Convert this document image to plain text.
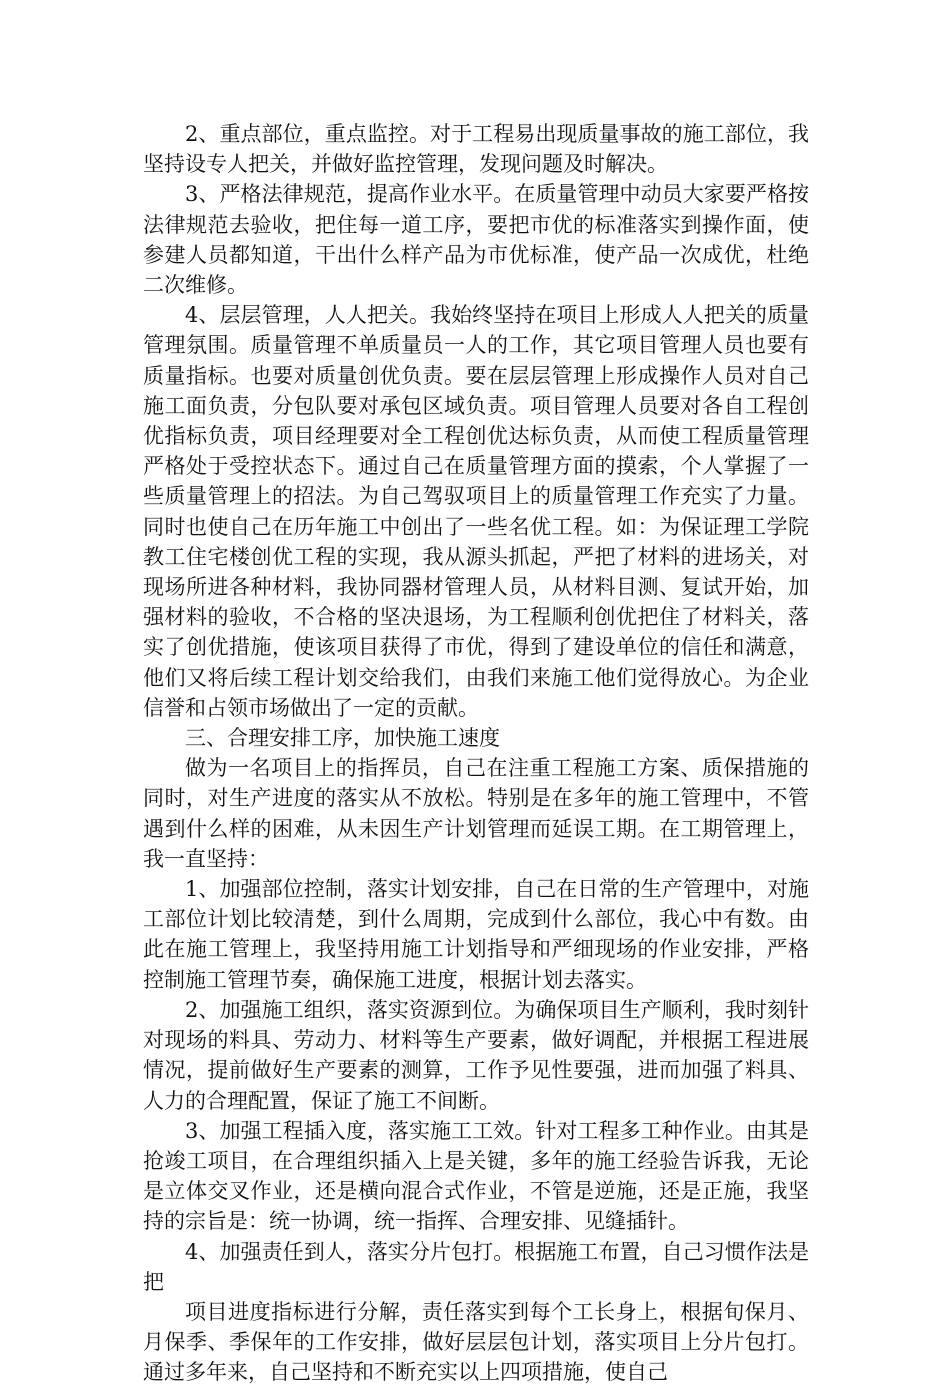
2、重点部位，重点监控。对于工程易出现质量事故的施工部位，我坚持设专人把关，并做好监控管理，发现问题及时解决。

3、严格法律规范，提高作业水平。在质量管理中动员大家要严格按法律规范去验收，把住每一道工序，要把市优的标准落实到操作面，使参建人员都知道，干出什么样产品为市优标准，使产品一次成优，杜绝二次维修。

4、层层管理，人人把关。我始终坚持在项目上形成人人把关的质量管理氛围。质量管理不单质量员一人的工作，其它项目管理人员也要有质量指标。也要对质量创优负责。要在层层管理上形成操作人员对自己施工面负责，分包队要对承包区域负责。项目管理人员要对各自工程创优指标负责，项目经理要对全工程创优达标负责，从而使工程质量管理严格处于受控状态下。通过自己在质量管理方面的摸索，个人掌握了一些质量管理上的招法。为自己驾驭项目上的质量管理工作充实了力量。同时也使自己在历年施工中创出了一些名优工程。如：为保证理工学院教工住宅楼创优工程的实现，我从源头抓起，严把了材料的进场关，对现场所进各种材料，我协同器材管理人员，从材料目测、复试开始，加强材料的验收，不合格的坚决退场，为工程顺利创优把住了材料关，落实了创优措施，使该项目获得了市优，得到了建设单位的信任和满意，他们又将后续工程计划交给我们，由我们来施工他们觉得放心。为企业信誉和占领市场做出了一定的贡献。

三、合理安排工序，加快施工速度

做为一名项目上的指挥员，自己在注重工程施工方案、质保措施的同时，对生产进度的落实从不放松。特别是在多年的施工管理中，不管遇到什么样的困难，从未因生产计划管理而延误工期。在工期管理上，我一直坚持：

1、加强部位控制，落实计划安排，自己在日常的生产管理中，对施工部位计划比较清楚，到什么周期，完成到什么部位，我心中有数。由此在施工管理上，我坚持用施工计划指导和严细现场的作业安排，严格控制施工管理节奏，确保施工进度，根据计划去落实。

2、加强施工组织，落实资源到位。为确保项目生产顺利，我时刻针对现场的料具、劳动力、材料等生产要素，做好调配，并根据工程进展情况，提前做好生产要素的测算，工作予见性要强，进而加强了料具、人力的合理配置，保证了施工不间断。

3、加强工程插入度，落实施工工效。针对工程多工种作业。由其是抢竣工项目，在合理组织插入上是关键，多年的施工经验告诉我，无论是立体交叉作业，还是横向混合式作业，不管是逆施，还是正施，我坚持的宗旨是：统一协调，统一指挥、合理安排、见缝插针。

4、加强责任到人，落实分片包打。根据施工布置，自己习惯作法是把

项目进度指标进行分解，责任落实到每个工长身上，根据旬保月、月保季、季保年的工作安排，做好层层包计划，落实项目上分片包打。通过多年来，自己坚持和不断充实以上四项措施，使自己
